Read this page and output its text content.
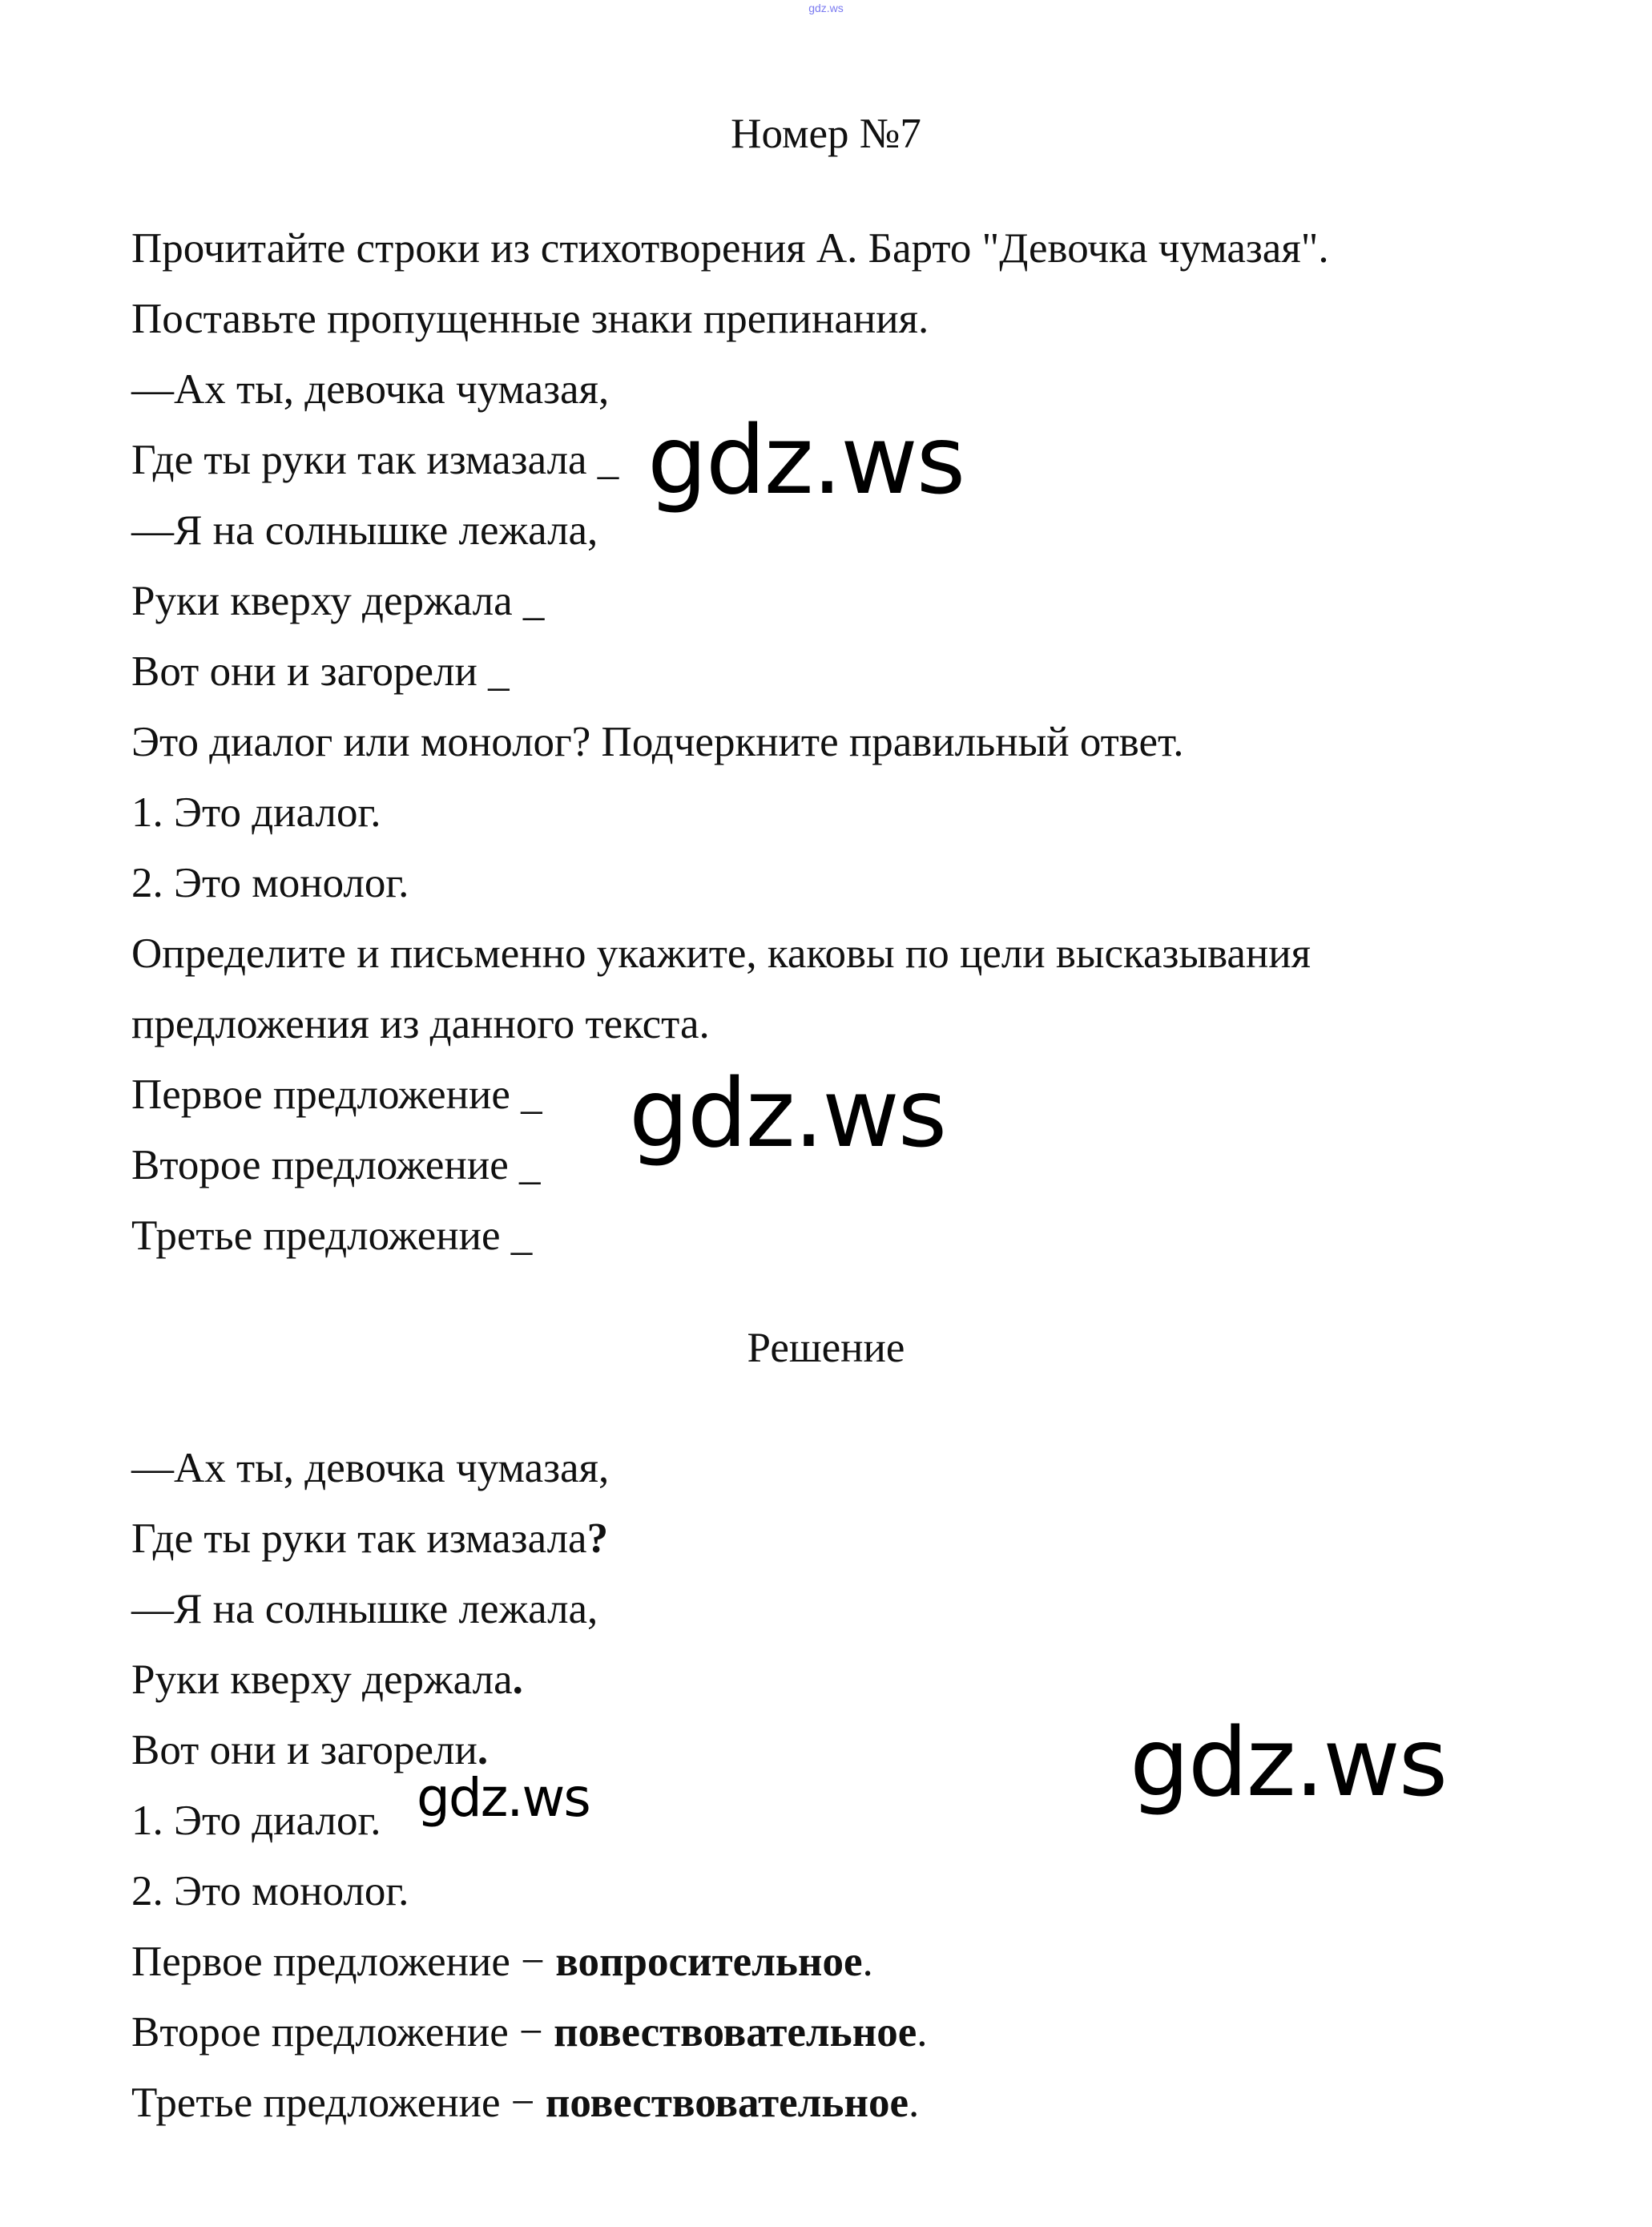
gdz.ws
Номер №7
Прочитайте строки из стихотворения А. Барто "Девочка чумазая".
Поставьте пропущенные знаки препинания.
—Ах ты, девочка чумазая,
Где ты руки так измазала _
—Я на солнышке лежала,
Руки кверху держала _
Вот они и загорели _
Это диалог или монолог? Подчеркните правильный ответ.
1. Это диалог.
2. Это монолог.
Определите и письменно укажите, каковы по цели высказывания
предложения из данного текста.
Первое предложение _
Второе предложение _
Третье предложение _
Решение
—Ах ты, девочка чумазая,
Где ты руки так измазала?
—Я на солнышке лежала,
Руки кверху держала.
Вот они и загорели.
1. Это диалог.
2. Это монолог.
Первое предложение − вопросительное.
Второе предложение − повествовательное.
Третье предложение − повествовательное.
gdz.ws
gdz.ws
gdz.ws
gdz.ws
